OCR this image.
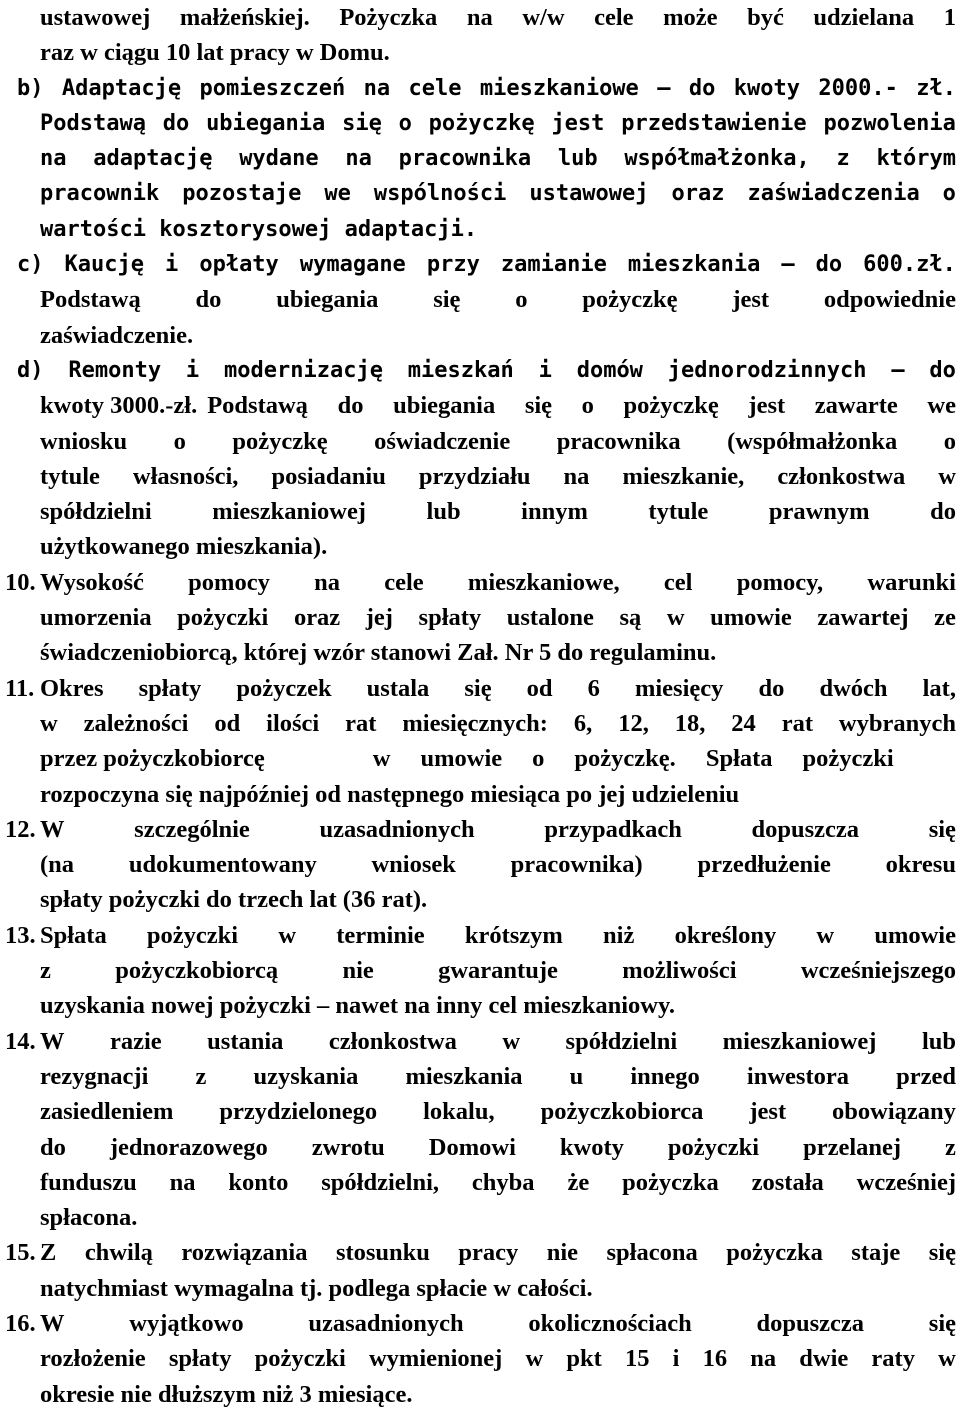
ustawowej małżeńskiej. Pożyczka na w/w cele może być udzielana 1
raz w ciągu 10 lat pracy w Domu.
b) Adaptację pomieszczeń na cele mieszkaniowe – do kwoty 2000.- zł.
Podstawą do ubiegania się o pożyczkę jest przedstawienie pozwolenia
na adaptację wydane na pracownika lub współmałżonka, z którym
pracownik pozostaje we wspólności ustawowej oraz zaświadczenia o
wartości kosztorysowej adaptacji.
c) Kaucję i opłaty wymagane przy zamianie mieszkania – do 600.zł.
Podstawą do ubiegania się o pożyczkę jest odpowiednie
zaświadczenie.
d) Remonty i modernizację mieszkań i domów jednorodzinnych – do
kwoty 3000.-zł. Podstawą do ubiegania się o pożyczkę jest zawarte we
wniosku o pożyczkę oświadczenie pracownika (współmałżonka o
tytule własności, posiadaniu przydziału na mieszkanie, członkostwa w
spółdzielni mieszkaniowej lub innym tytule prawnym do
użytkowanego mieszkania).
10. Wysokość pomocy na cele mieszkaniowe, cel pomocy, warunki
umorzenia pożyczki oraz jej spłaty ustalone są w umowie zawartej ze
świadczeniobiorcą, której wzór stanowi Zał. Nr 5 do regulaminu.
11. Okres spłaty pożyczek ustala się od 6 miesięcy do dwóch lat,
w zależności od ilości rat miesięcznych: 6, 12, 18, 24 rat wybranych
przez pożyczkobiorcę	w umowie o pożyczkę. Spłata pożyczki
rozpoczyna się najpóźniej od następnego miesiąca po jej udzieleniu
12. W	szczególnie	uzasadnionych	przypadkach	dopuszcza	się
(na udokumentowany wniosek pracownika) przedłużenie okresu
spłaty pożyczki do trzech lat (36 rat).
13. Spłata pożyczki w terminie krótszym niż określony w umowie
z	pożyczkobiorcą	nie	gwarantuje	możliwości	wcześniejszego
uzyskania nowej pożyczki – nawet na inny cel mieszkaniowy.
14. W razie ustania członkostwa w spółdzielni mieszkaniowej lub
rezygnacji z uzyskania mieszkania u innego inwestora przed
zasiedleniem przydzielonego lokalu, pożyczkobiorca jest obowiązany
do jednorazowego zwrotu Domowi kwoty pożyczki przelanej z
funduszu na konto spółdzielni, chyba że pożyczka została wcześniej
spłacona.
15. Z chwilą rozwiązania stosunku pracy nie spłacona pożyczka staje się
natychmiast wymagalna tj. podlega spłacie w całości.
16. W	wyjątkowo	uzasadnionych	okolicznościach	dopuszcza	się
rozłożenie spłaty pożyczki wymienionej w pkt 15 i 16 na dwie raty w
okresie nie dłuższym niż 3 miesiące.
